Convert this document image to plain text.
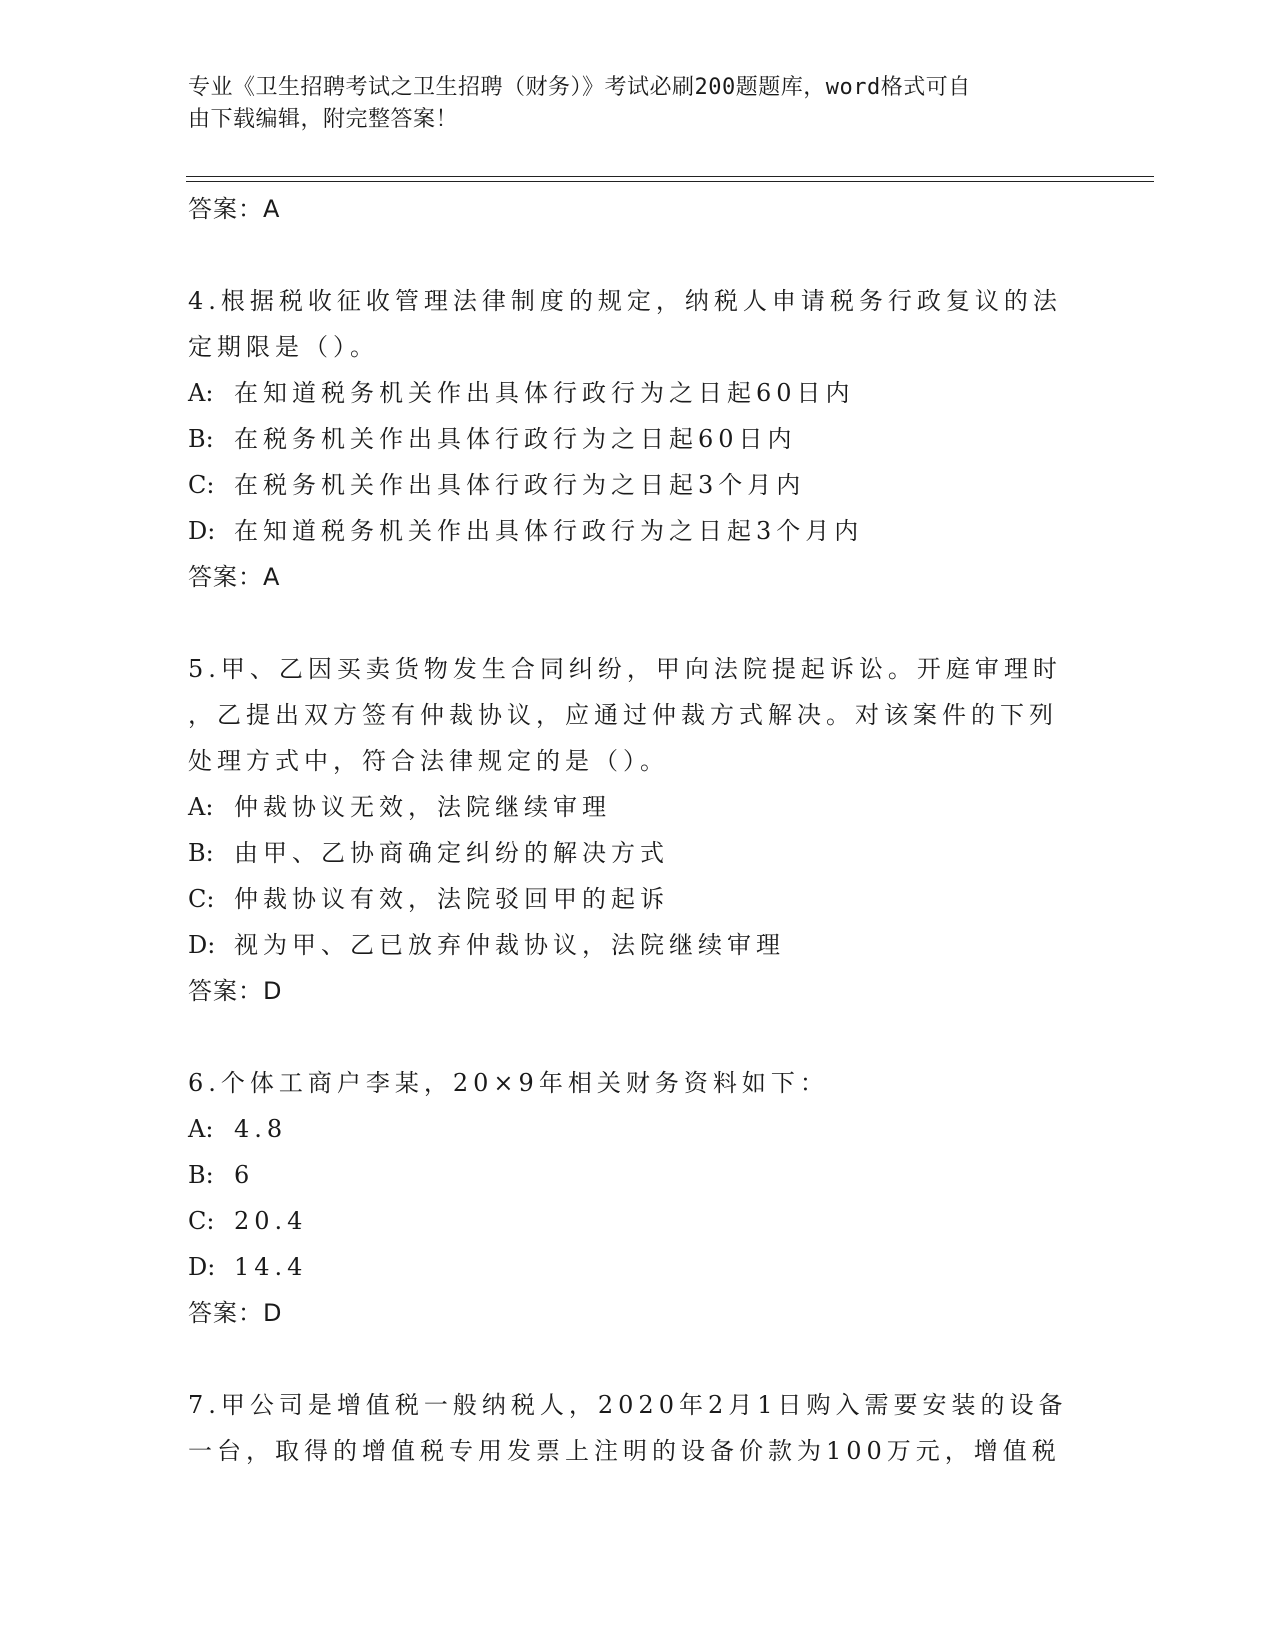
专业《卫生招聘考试之卫生招聘（财务）》考试必刷200题题库，word格式可自
由下载编辑，附完整答案！
答案：A
4.根据税收征收管理法律制度的规定，纳税人申请税务行政复议的法
定期限是（）。
A: 在知道税务机关作出具体行政行为之日起60日内
B: 在税务机关作出具体行政行为之日起60日内
C: 在税务机关作出具体行政行为之日起3个月内
D: 在知道税务机关作出具体行政行为之日起3个月内
答案：A
5.甲、乙因买卖货物发生合同纠纷，甲向法院提起诉讼。开庭审理时
，乙提出双方签有仲裁协议，应通过仲裁方式解决。对该案件的下列
处理方式中，符合法律规定的是（）。
A: 仲裁协议无效，法院继续审理
B: 由甲、乙协商确定纠纷的解决方式
C: 仲裁协议有效，法院驳回甲的起诉
D: 视为甲、乙已放弃仲裁协议，法院继续审理
答案：D
6.个体工商户李某，20×9年相关财务资料如下：
A: 4.8
B: 6
C: 20.4
D: 14.4
答案：D
7.甲公司是增值税一般纳税人，2020年2月1日购入需要安装的设备
一台，取得的增值税专用发票上注明的设备价款为100万元，增值税
